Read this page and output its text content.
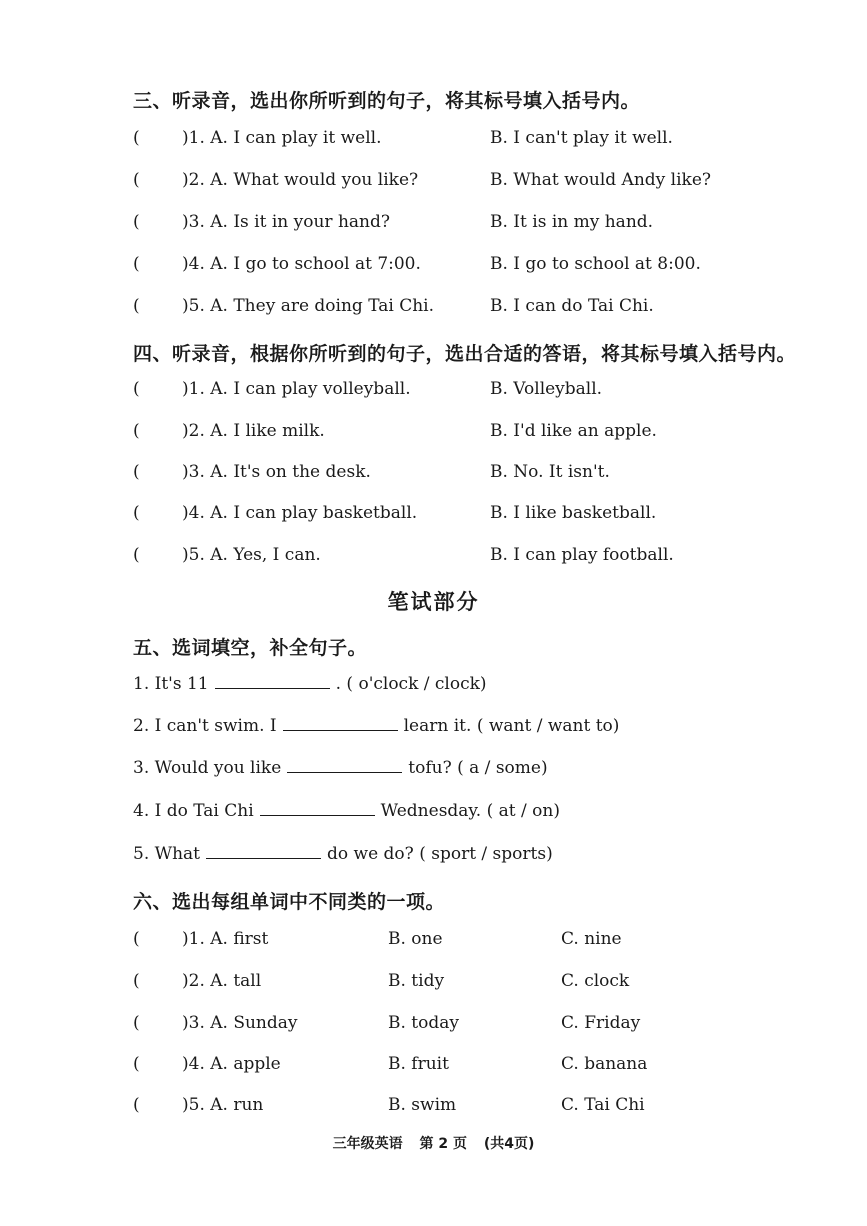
三、听录音，选出你所听到的句子，将其标号填入括号内。
( )1. A. I can play it well.	B. I can't play it well.
( )2. A. What would you like?	B. What would Andy like?
( )3. A. Is it in your hand?	B. It is in my hand.
( )4. A. I go to school at 7:00.	B. I go to school at 8:00.
( )5. A. They are doing Tai Chi.	B. I can do Tai Chi.
四、听录音，根据你所听到的句子，选出合适的答语，将其标号填入括号内。
( )1. A. I can play volleyball.	B. Volleyball.
( )2. A. I like milk.	B. I'd like an apple.
( )3. A. It's on the desk.	B. No. It isn't.
( )4. A. I can play basketball.	B. I like basketball.
( )5. A. Yes, I can.	B. I can play football.
笔试部分
五、选词填空，补全句子。
1. It's 11	. ( o'clock / clock)
2. I can't swim. I	learn it. ( want / want to)
3. Would you like	tofu? ( a / some)
4. I do Tai Chi	Wednesday. ( at / on)
5. What	do we do? ( sport / sports)
六、选出每组单词中不同类的一项。
( )1. A. first	B. one	C. nine
( )2. A. tall	B. tidy	C. clock
( )3. A. Sunday	B. today	C. Friday
( )4. A. apple	B. fruit	C. banana
( )5. A. run	B. swim	C. Tai Chi
三年级英语 第 2 页 (共4页)
